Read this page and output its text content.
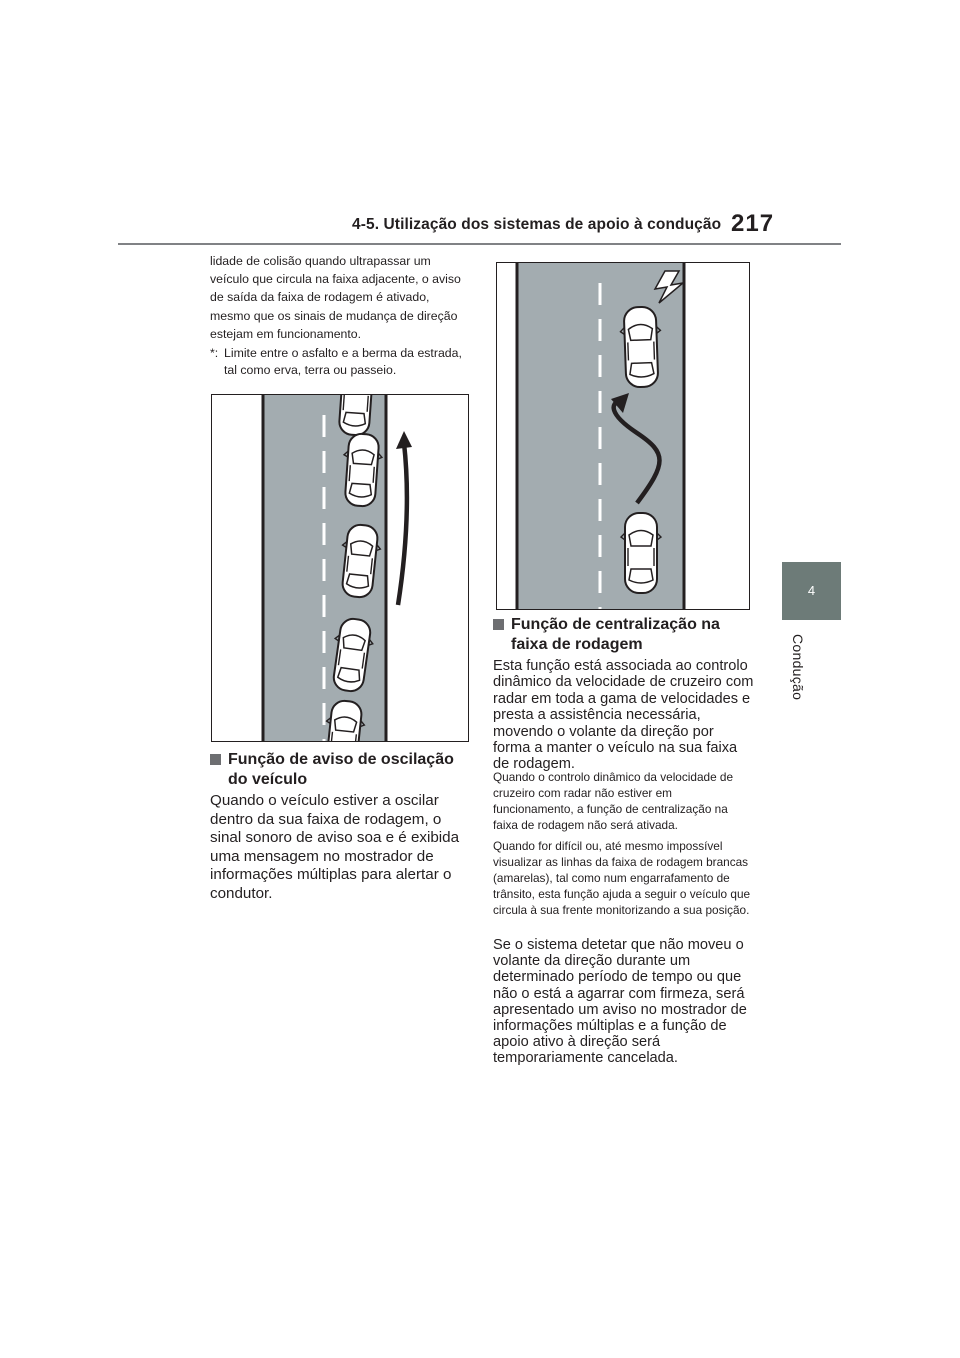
4-5. Utilização dos sistemas de apoio à condução 217
4
Condução

lidade de colisão quando ultrapassar um veículo que circula na faixa adjacente, o aviso de saída da faixa de rodagem é ativado, mesmo que os sinais de mudança de direção estejam em funcionamento.

*: Limite entre o asfalto e a berma da estrada, tal como erva, terra ou passeio.
Função de aviso de oscilação do veículo

Quando o veículo estiver a oscilar dentro da sua faixa de rodagem, o sinal sonoro de aviso soa e é exibida uma mensagem no mostrador de informações múltiplas para alertar o condutor.

Função de centralização na faixa de rodagem

Esta função está associada ao controlo dinâmico da velocidade de cruzeiro com radar em toda a gama de velocidades e presta a assistência necessária, movendo o volante da direção por forma a manter o veículo na sua faixa de rodagem.

Quando o controlo dinâmico da velocidade de cruzeiro com radar não estiver em funcionamento, a função de centralização na faixa de rodagem não será ativada.

Quando for difícil ou, até mesmo impossível visualizar as linhas da faixa de rodagem brancas (amarelas), tal como num engarrafamento de trânsito, esta função ajuda a seguir o veículo que circula à sua frente monitorizando a sua posição.

Se o sistema detetar que não moveu o volante da direção durante um determinado período de tempo ou que não o está a agarrar com firmeza, será apresentado um aviso no mostrador de informações múltiplas e a função de apoio ativo à direção será temporariamente cancelada.
